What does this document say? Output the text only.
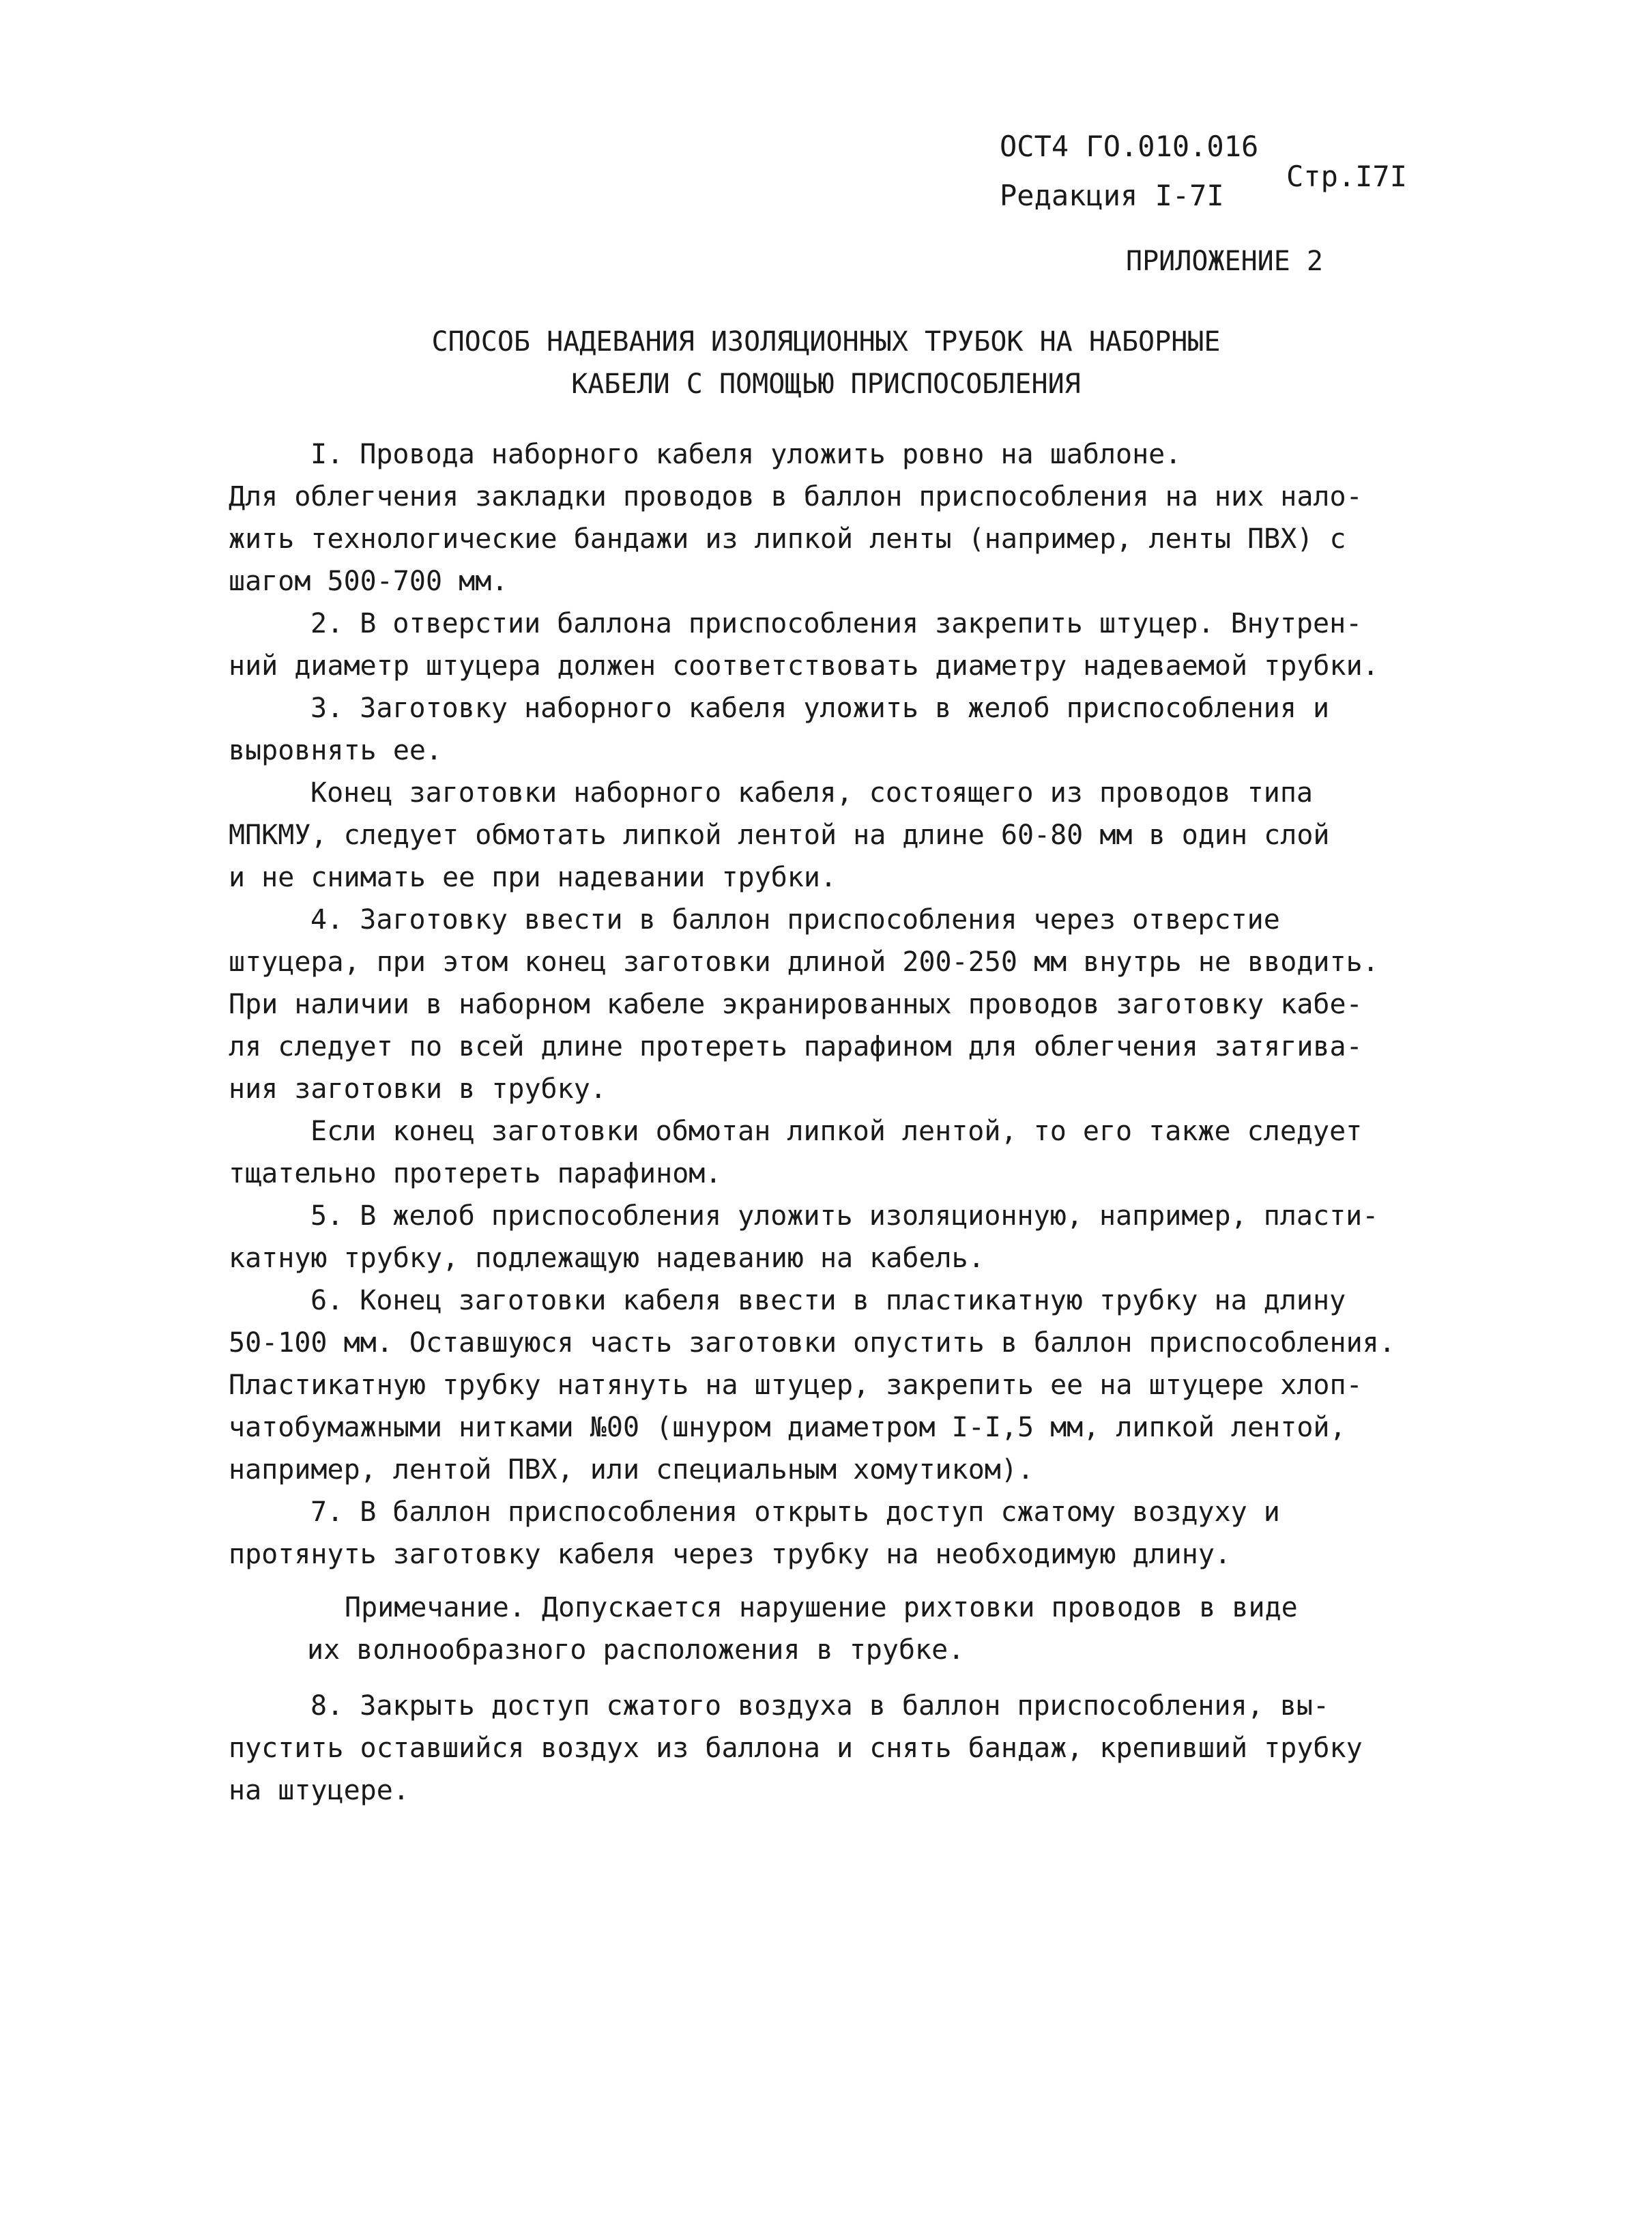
ОСТ4 ГО.010.016
Редакция I-7I
Стр.I7I
ПРИЛОЖЕНИЕ 2
СПОСОБ НАДЕВАНИЯ ИЗОЛЯЦИОННЫХ ТРУБОК НА НАБОРНЫЕ
КАБЕЛИ С ПОМОЩЬЮ ПРИСПОСОБЛЕНИЯ

I. Провода наборного кабеля уложить ровно на шаблоне.

Для облегчения закладки проводов в баллон приспособления на них нало-

жить технологические бандажи из липкой ленты (например, ленты ПВХ) с

шагом 500-700 мм.

2. В отверстии баллона приспособления закрепить штуцер. Внутрен-

ний диаметр штуцера должен соответствовать диаметру надеваемой трубки.

3. Заготовку наборного кабеля уложить в желоб приспособления и

выровнять ее.

Конец заготовки наборного кабеля, состоящего из проводов типа

МПКМУ, следует обмотать липкой лентой на длине 60-80 мм в один слой

и не снимать ее при надевании трубки.

4. Заготовку ввести в баллон приспособления через отверстие

штуцера, при этом конец заготовки длиной 200-250 мм внутрь не вводить.

При наличии в наборном кабеле экранированных проводов заготовку кабе-

ля следует по всей длине протереть парафином для облегчения затягива-

ния заготовки в трубку.

Если конец заготовки обмотан липкой лентой, то его также следует

тщательно протереть парафином.

5. В желоб приспособления уложить изоляционную, например, пласти-

катную трубку, подлежащую надеванию на кабель.

6. Конец заготовки кабеля ввести в пластикатную трубку на длину

50-100 мм. Оставшуюся часть заготовки опустить в баллон приспособления.

Пластикатную трубку натянуть на штуцер, закрепить ее на штуцере хлоп-

чатобумажными нитками №00 (шнуром диаметром I-I,5 мм, липкой лентой,

например, лентой ПВХ, или специальным хомутиком).

7. В баллон приспособления открыть доступ сжатому воздуху и

протянуть заготовку кабеля через трубку на необходимую длину.

Примечание. Допускается нарушение рихтовки проводов в виде

их волнообразного расположения в трубке.

8. Закрыть доступ сжатого воздуха в баллон приспособления, вы-

пустить оставшийся воздух из баллона и снять бандаж, крепивший трубку

на штуцере.
